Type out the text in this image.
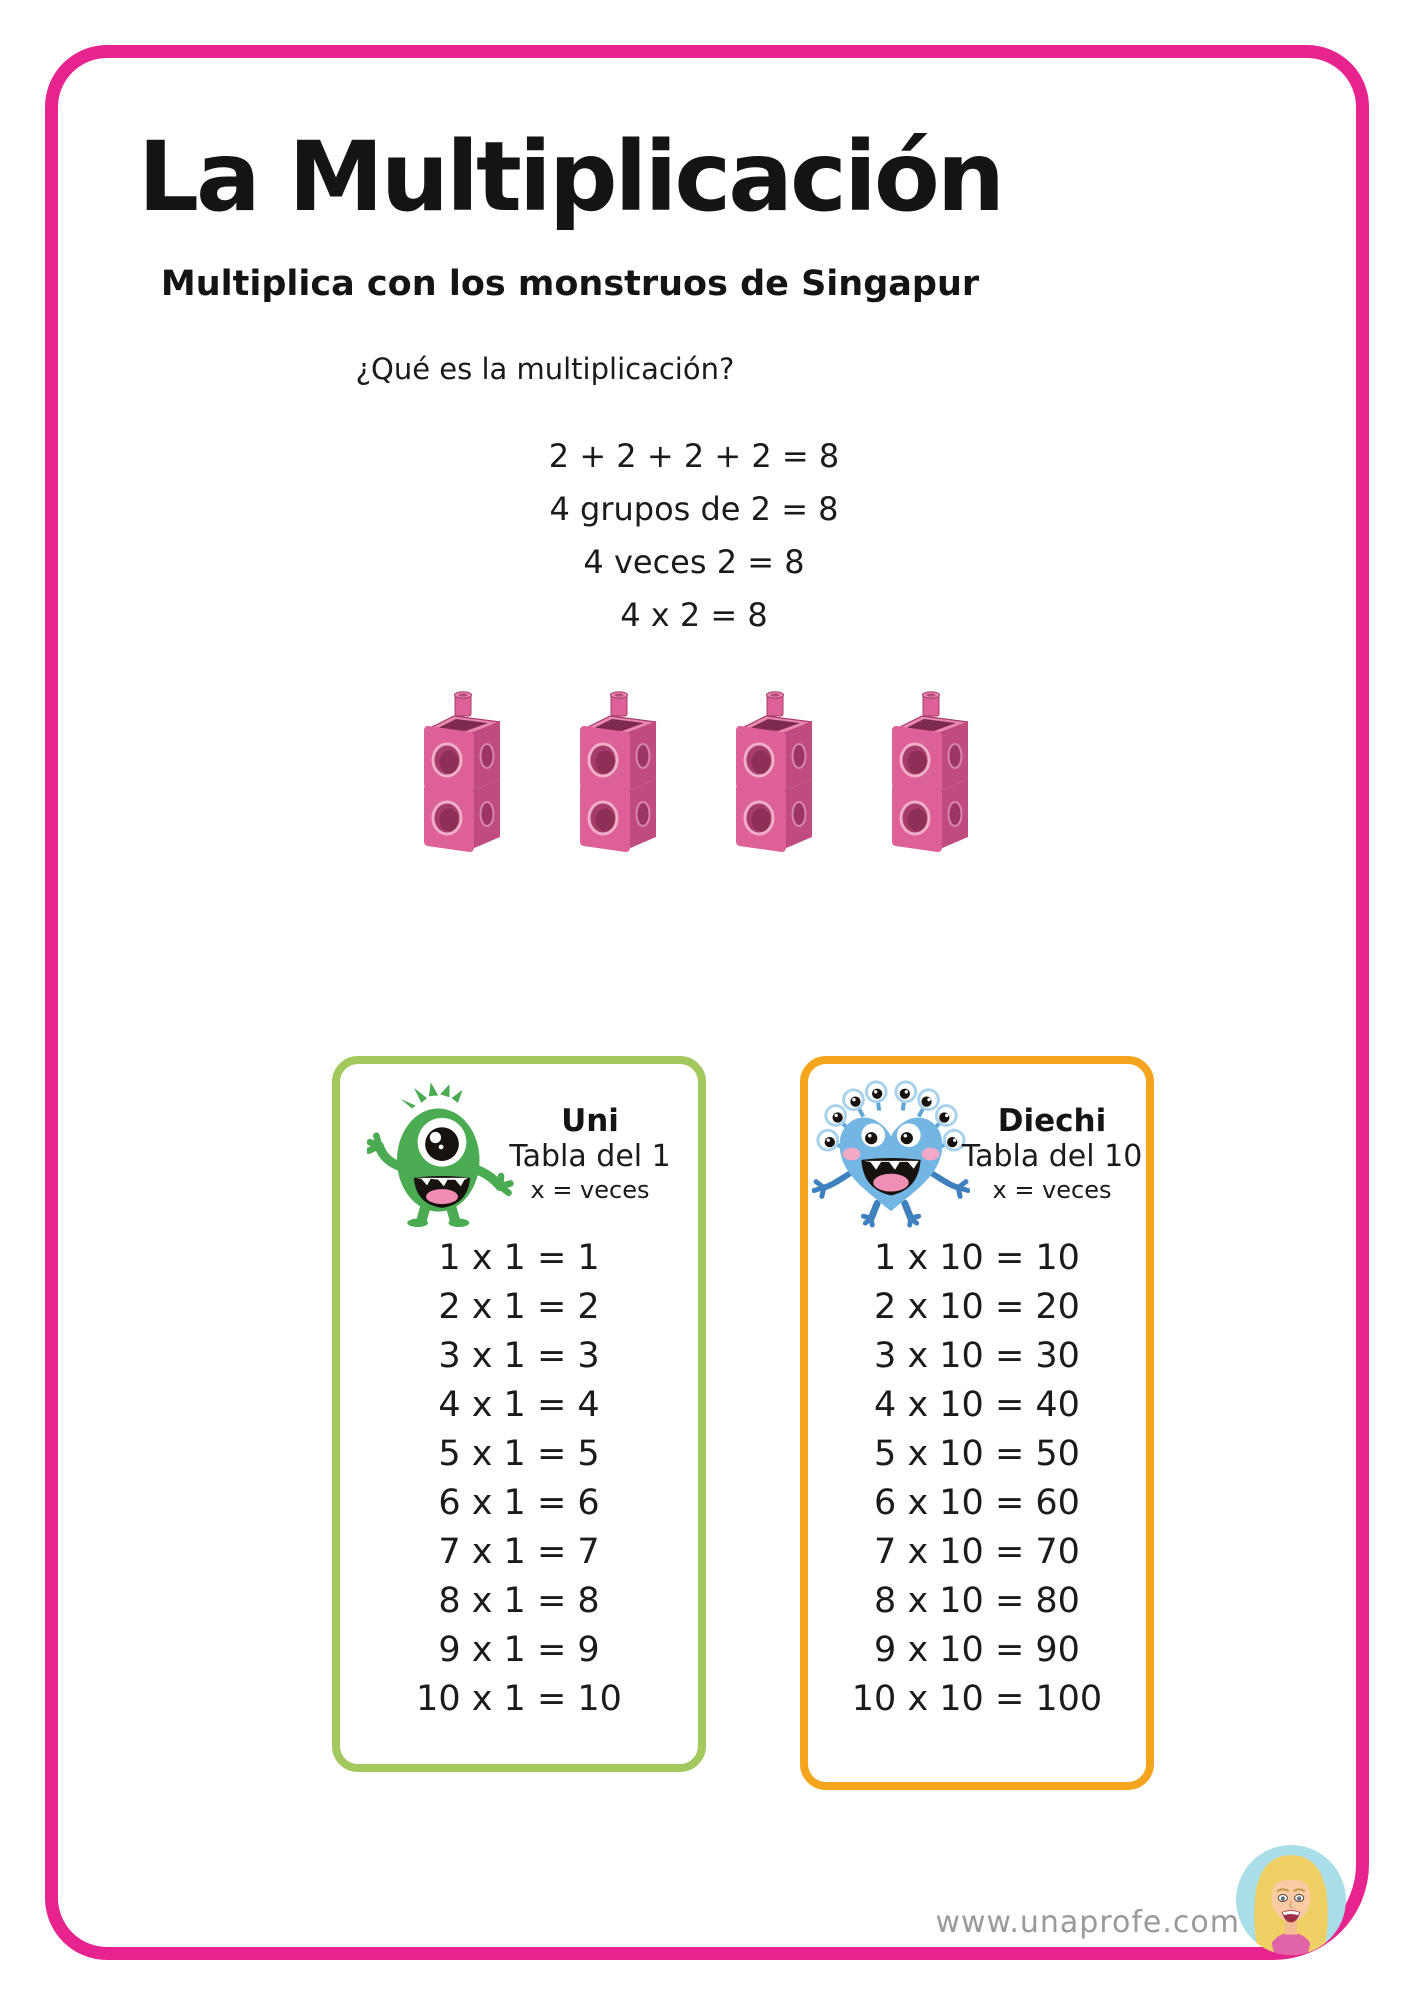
La Multiplicación
Multiplica con los monstruos de Singapur
¿Qué es la multiplicación?
2 + 2 + 2 + 2 = 8
4 grupos de 2 = 8
4 veces 2 = 8
4 x 2 = 8
Uni
Tabla del 1
x = veces
1 x 1 = 1
2 x 1 = 2
3 x 1 = 3
4 x 1 = 4
5 x 1 = 5
6 x 1 = 6
7 x 1 = 7
8 x 1 = 8
9 x 1 = 9
10 x 1 = 10
Diechi
Tabla del 10
x = veces
1 x 10 = 10
2 x 10 = 20
3 x 10 = 30
4 x 10 = 40
5 x 10 = 50
6 x 10 = 60
7 x 10 = 70
8 x 10 = 80
9 x 10 = 90
10 x 10 = 100
www.unaprofe.com
